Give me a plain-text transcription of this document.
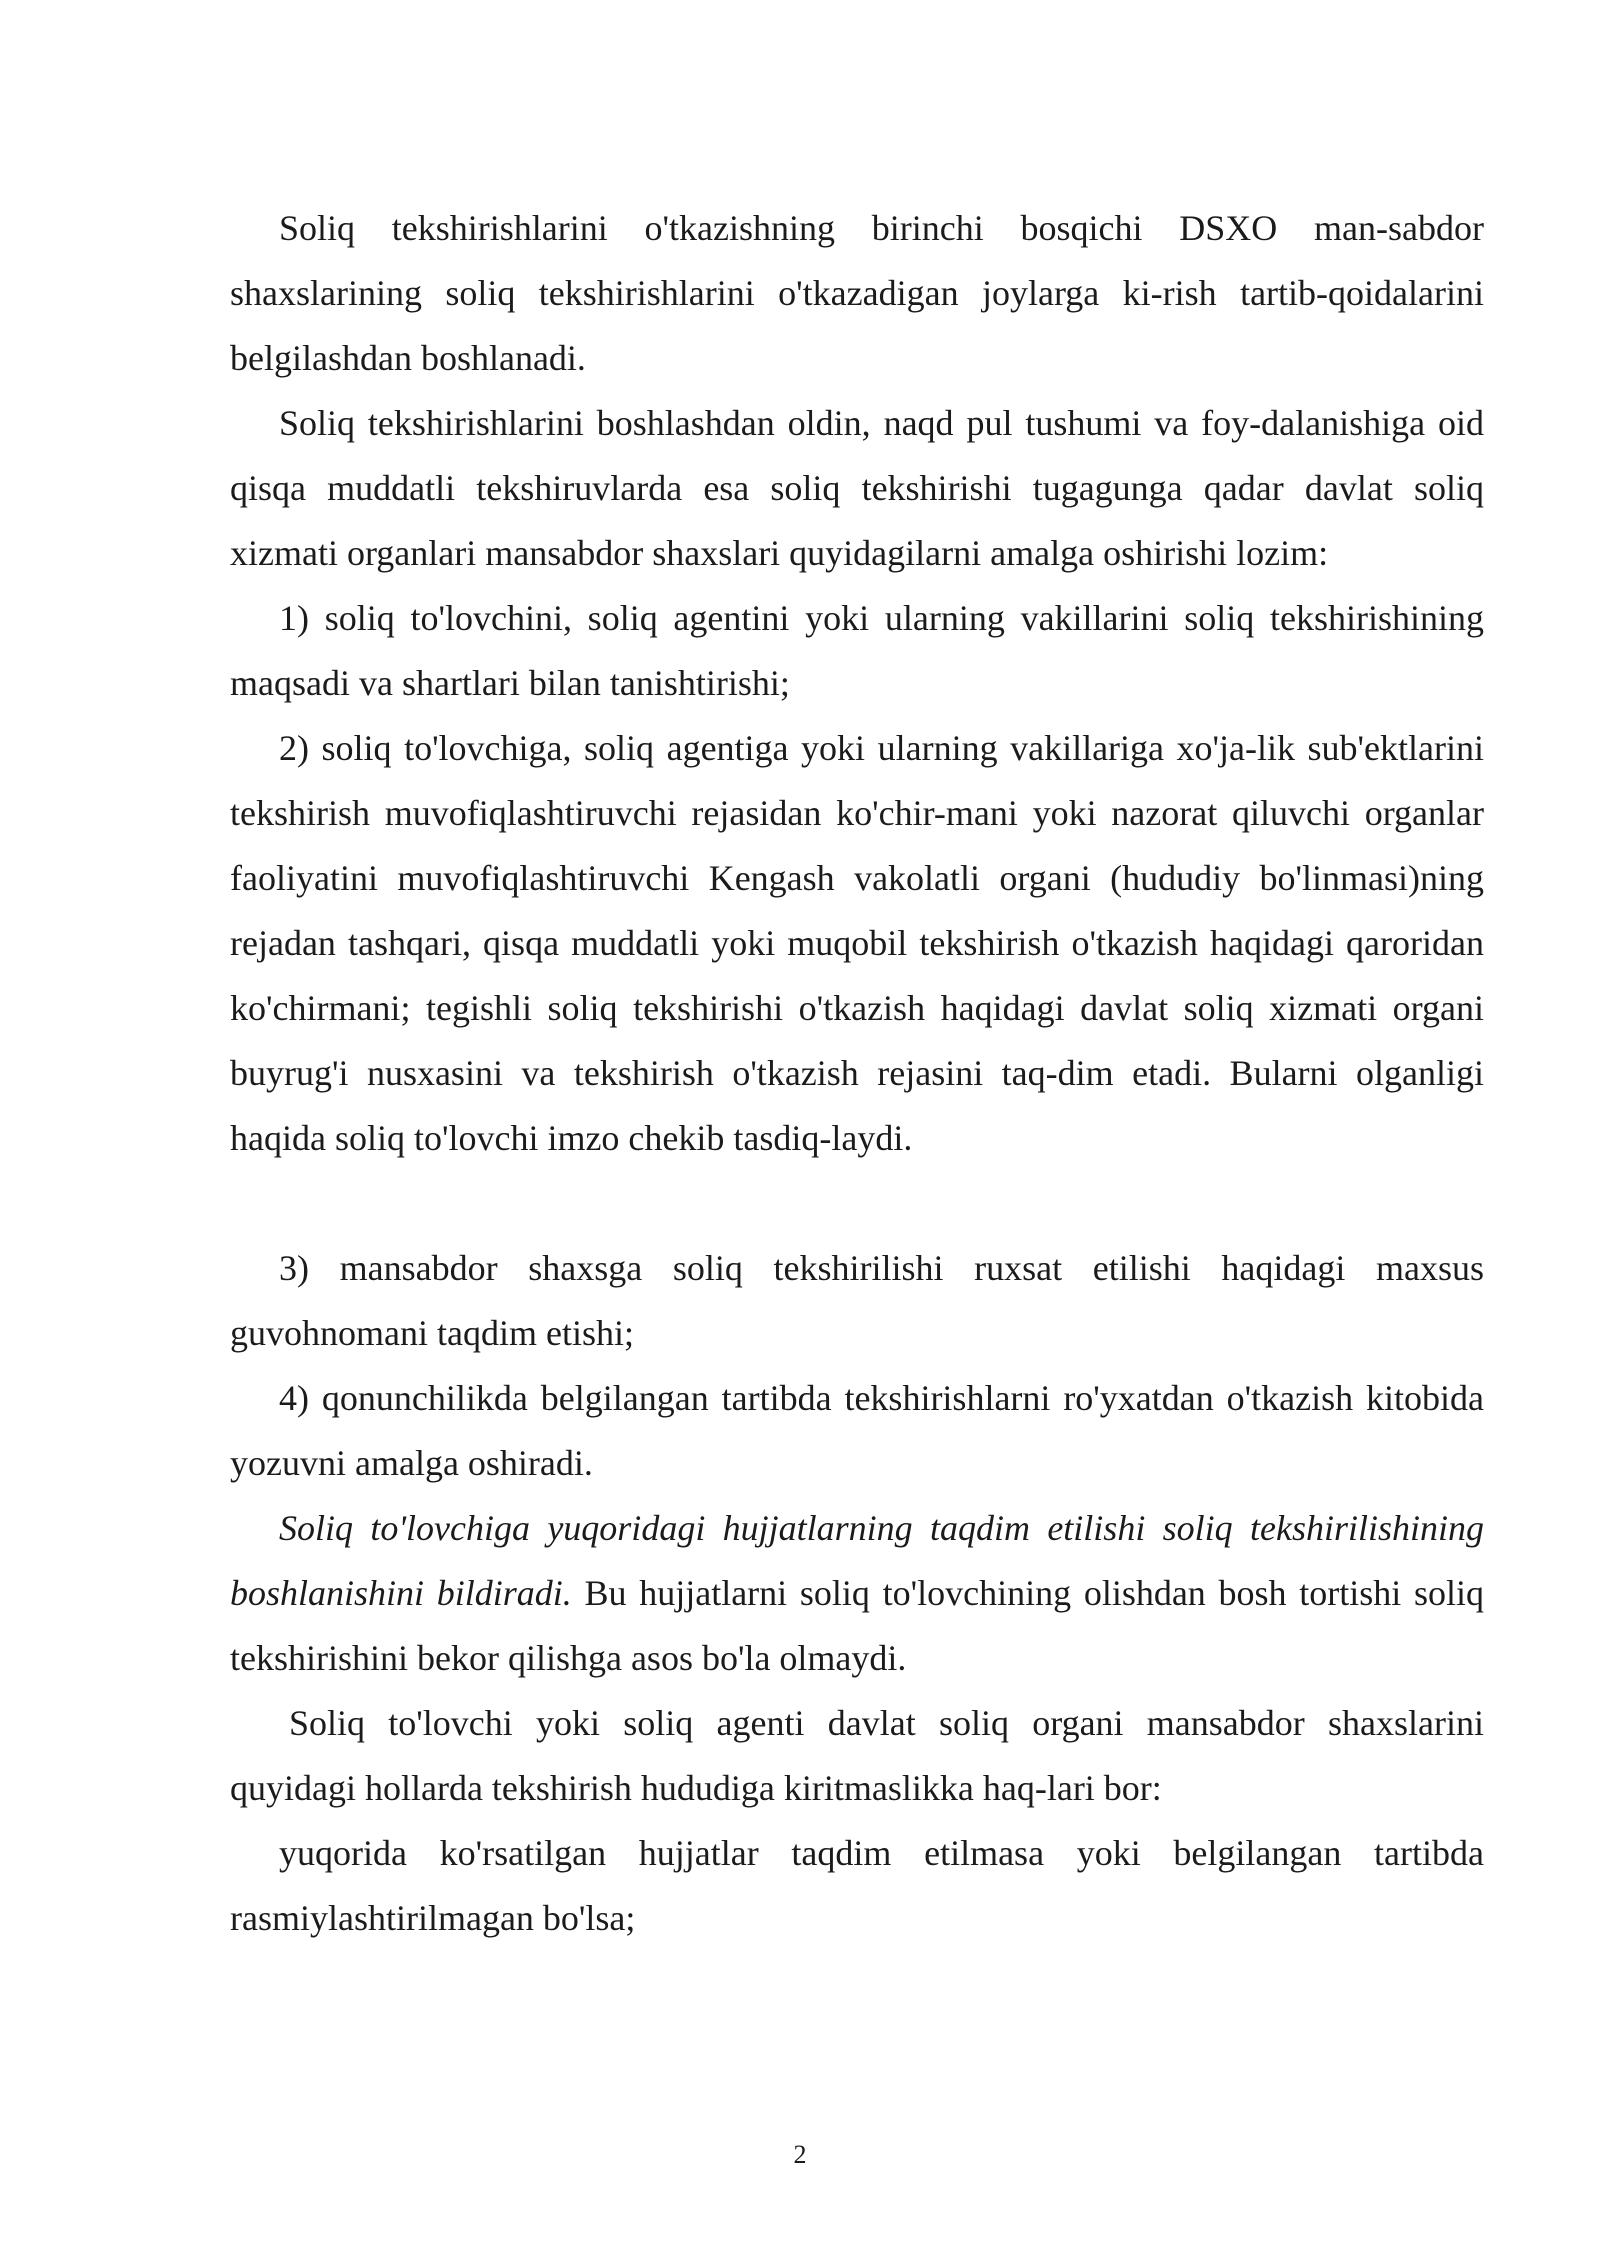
Soliq tekshirishlarini o'tkazishning birinchi bosqichi DSXO man-sabdor shaxslarining soliq tekshirishlarini o'tkazadigan joylarga ki-rish tartib-qoidalarini belgilashdan boshlanadi.

Soliq tekshirishlarini boshlashdan oldin, naqd pul tushumi va foy-dalanishiga oid qisqa muddatli tekshiruvlarda esa soliq tekshirishi tugagunga qadar davlat soliq xizmati organlari mansabdor shaxslari quyidagilarni amalga oshirishi lozim:

1) soliq to'lovchini, soliq agentini yoki ularning vakillarini soliq tekshirishining maqsadi va shartlari bilan tanishtirishi;

2) soliq to'lovchiga, soliq agentiga yoki ularning vakillariga xo'ja-lik sub'ektlarini tekshirish muvofiqlashtiruvchi rejasidan ko'chir-mani yoki nazorat qiluvchi organlar faoliyatini muvofiqlashtiruvchi Kengash vakolatli organi (hududiy bo'linmasi)ning rejadan tashqari, qisqa muddatli yoki muqobil tekshirish o'tkazish haqidagi qaroridan ko'chirmani; tegishli soliq tekshirishi o'tkazish haqidagi davlat soliq xizmati organi buyrug'i nusxasini va tekshirish o'tkazish rejasini taq-dim etadi. Bularni olganligi haqida soliq to'lovchi imzo chekib tasdiq-laydi.

3) mansabdor shaxsga soliq tekshirilishi ruxsat etilishi haqidagi maxsus guvohnomani taqdim etishi;

4) qonunchilikda belgilangan tartibda tekshirishlarni ro'yxatdan o'tkazish kitobida yozuvni amalga oshiradi.

Soliq to'lovchiga yuqoridagi hujjatlarning taqdim etilishi soliq tekshirilishining boshlanishini bildiradi. Bu hujjatlarni soliq to'lovchining olishdan bosh tortishi soliq tekshirishini bekor qilishga asos bo'la olmaydi.

Soliq to'lovchi yoki soliq agenti davlat soliq organi mansabdor shaxslarini quyidagi hollarda tekshirish hududiga kiritmaslikka haq-lari bor:

yuqorida ko'rsatilgan hujjatlar taqdim etilmasa yoki belgilangan tartibda rasmiylashtirilmagan bo'lsa;

2
